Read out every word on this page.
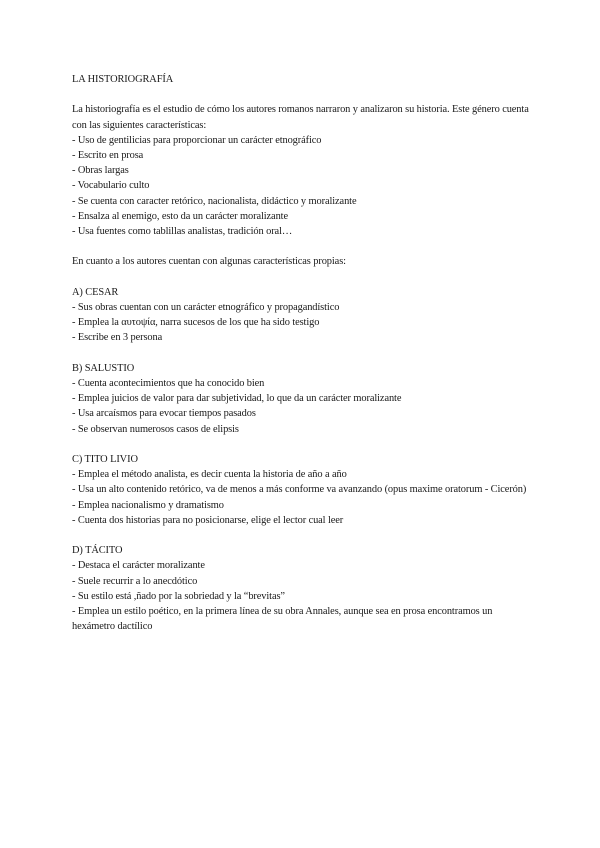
LA HISTORIOGRAFÍA

La historiografía es el estudio de cómo los autores romanos narraron y analizaron su historia. Este género cuenta con las siguientes características:

- Uso de gentilicias para proporcionar un carácter etnográfico
- Escrito en prosa
- Obras largas
- Vocabulario culto
- Se cuenta con caracter retórico, nacionalista, didáctico y moralizante
- Ensalza al enemigo, esto da un carácter moralizante
- Usa fuentes como tablillas analistas, tradición oral…

En cuanto a los autores cuentan con algunas características propias:

A) CESAR

- Sus obras cuentan con un carácter etnográfico y propagandístico
- Emplea la αυτοψία, narra sucesos de los que ha sido testigo
- Escribe en 3 persona

B) SALUSTIO

- Cuenta acontecimientos que ha conocido bien
- Emplea juicios de valor para dar subjetividad, lo que da un carácter moralizante
- Usa arcaísmos para evocar tiempos pasados
- Se observan numerosos casos de elipsis

C) TITO LIVIO

- Emplea el método analista, es decir cuenta la historia de año a año
- Usa un alto contenido retórico, va de menos a más conforme va avanzando (opus maxime oratorum - Cicerón)
- Emplea nacionalismo y dramatismo
- Cuenta dos historias para no posicionarse, elige el lector cual leer

D) TÁCITO

- Destaca el carácter moralizante
- Suele recurrir a lo anecdótico
- Su estilo está ,ñado por la sobriedad y la “brevitas”
- Emplea un estilo poético, en la primera línea de su obra Annales, aunque sea en prosa encontramos un hexámetro dactílico
